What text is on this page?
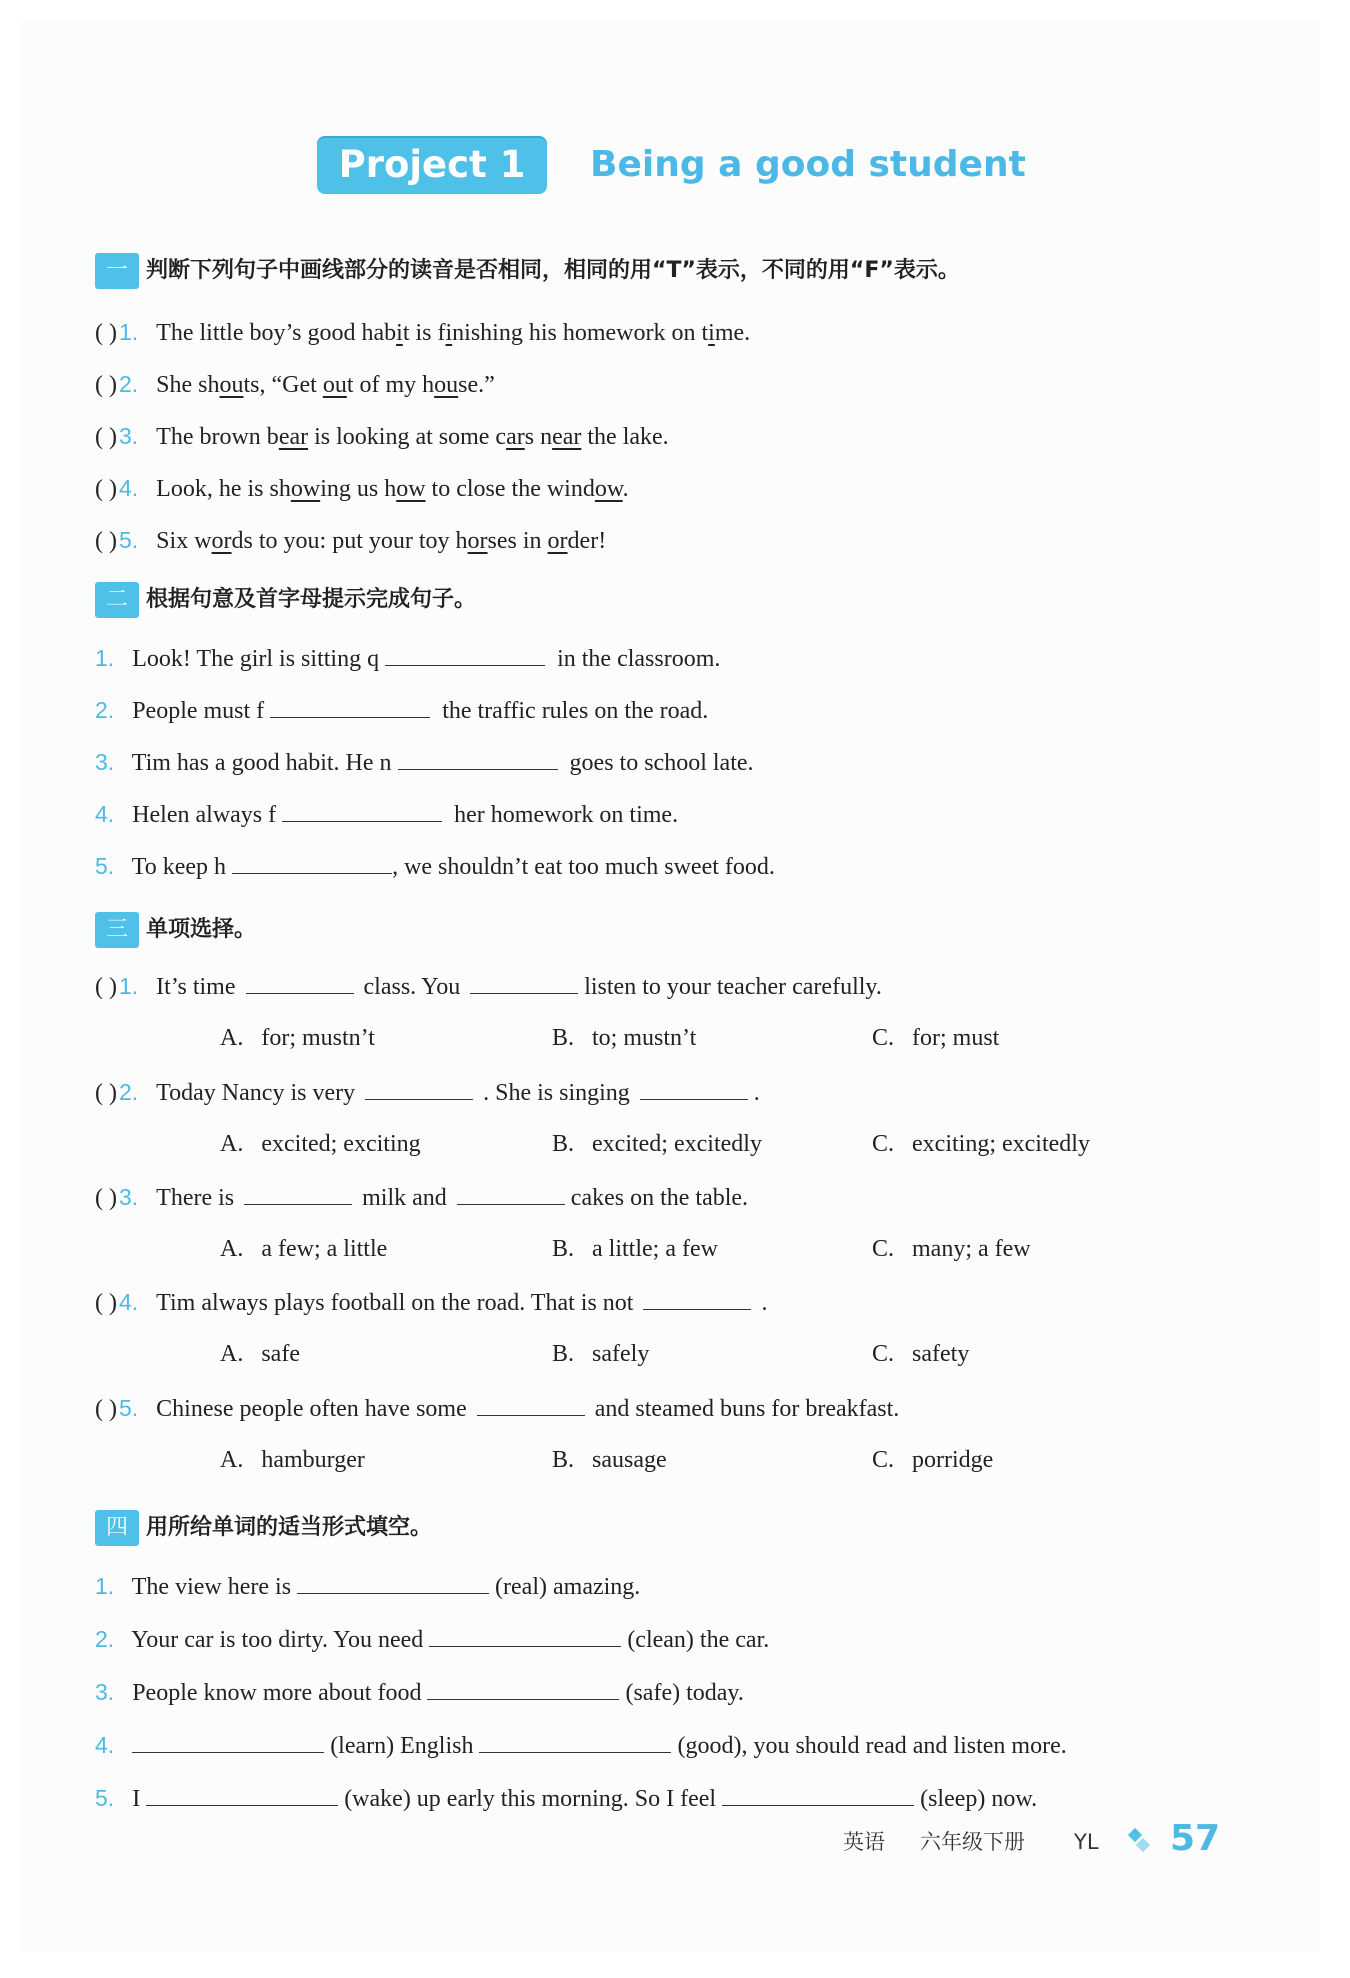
Project 1	Being a good student
一 判断下列句子中画线部分的读音是否相同，相同的用“T”表示，不同的用“F”表示。
( )1. The little boy’s good habit is finishing his homework on time.
( )2. She shouts, “Get out of my house.”
( )3. The brown bear is looking at some cars near the lake.
( )4. Look, he is showing us how to close the window.
( )5. Six words to you: put your toy horses in order!
二 根据句意及首字母提示完成句子。
1. Look! The girl is sitting q	in the classroom.
2. People must f	the traffic rules on the road.
3. Tim has a good habit. He n	goes to school late.
4. Helen always f	her homework on time.
5. To keep h	, we shouldn’t eat too much sweet food.
三 单项选择。
( )1. It’s time	class. You	listen to your teacher carefully.
A. for; mustn’t	B. to; mustn’t	C. for; must
( )2. Today Nancy is very	. She is singing	.
A. excited; exciting	B. excited; excitedly	C. exciting; excitedly
( )3. There is	milk and	cakes on the table.
A. a few; a little	B. a little; a few	C. many; a few
( )4. Tim always plays football on the road. That is not	.
A. safe	B. safely	C. safety
( )5. Chinese people often have some	and steamed buns for breakfast.
A. hamburger	B. sausage	C. porridge
四 用所给单词的适当形式填空。
1. The view here is	(real) amazing.
2. Your car is too dirty. You need	(clean) the car.
3. People know more about food	(safe) today.
4.	(learn) English	(good), you should read and listen more.
5. I	(wake) up early this morning. So I feel	(sleep) now.
英语 六年级下册 YL 57
